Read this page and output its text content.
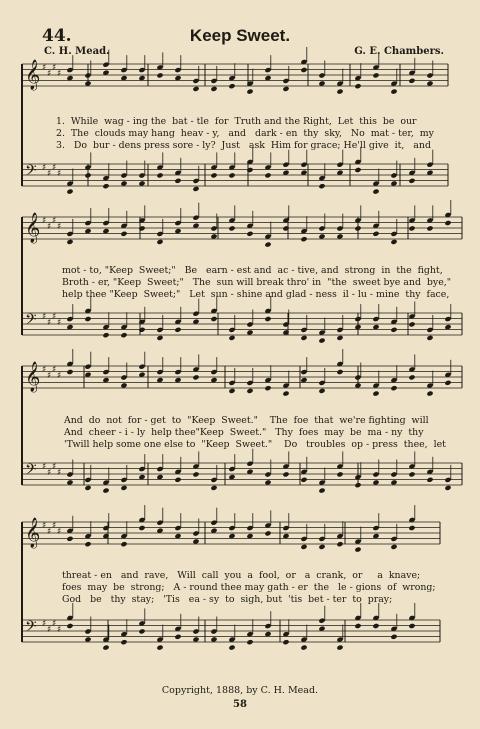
44.	Keep Sweet.
C. H. Mead.	G. E. Chambers.
𝄞 ♯
♯
♯
♯
𝄢 ♯
♯
♯
♯
𝄞 ♯
♯
♯
♯
𝄢 ♯
♯
♯
♯
𝄞 ♯
♯
♯
♯
𝄢 ♯
♯
♯
♯
𝄞 ♯
♯
♯
♯
𝄢 ♯
♯
♯
♯

1.  While  wag - ing the  bat - tle  for  Truth and the Right,  Let  this  be  our

2.  The  clouds may hang  heav - y,   and   dark - en  thy  sky,   No  mat - ter,  my

3.   Do  bur - dens press sore - ly?  Just   ask  Him for grace; He'll give  it,   and

mot - to, "Keep  Sweet;"   Be   earn - est and  ac - tive, and  strong  in  the  fight,

Broth - er, "Keep  Sweet;"   The  sun will break thro' in  "the  sweet bye and  bye,"

help thee "Keep  Sweet;"   Let  sun - shine and glad - ness  il - lu - mine  thy  face,

And  do  not  for - get  to  "Keep  Sweet."    The  foe  that  we're fighting  will

And  cheer - i - ly  help thee"Keep  Sweet."   Thy  foes  may  be  ma - ny  thy

'Twill help some one else to  "Keep  Sweet."    Do   troubles  op - press  thee,  let

threat - en   and  rave,   Will  call  you  a  fool,  or   a  crank,  or     a  knave;

foes  may  be  strong;   A - round thee may gath - er  the   le - gions  of  wrong;

God   be   thy  stay;   'Tis   ea - sy  to  sigh, but  'tis  bet - ter  to  pray;

Copyright, 1888, by C. H. Mead.
58
